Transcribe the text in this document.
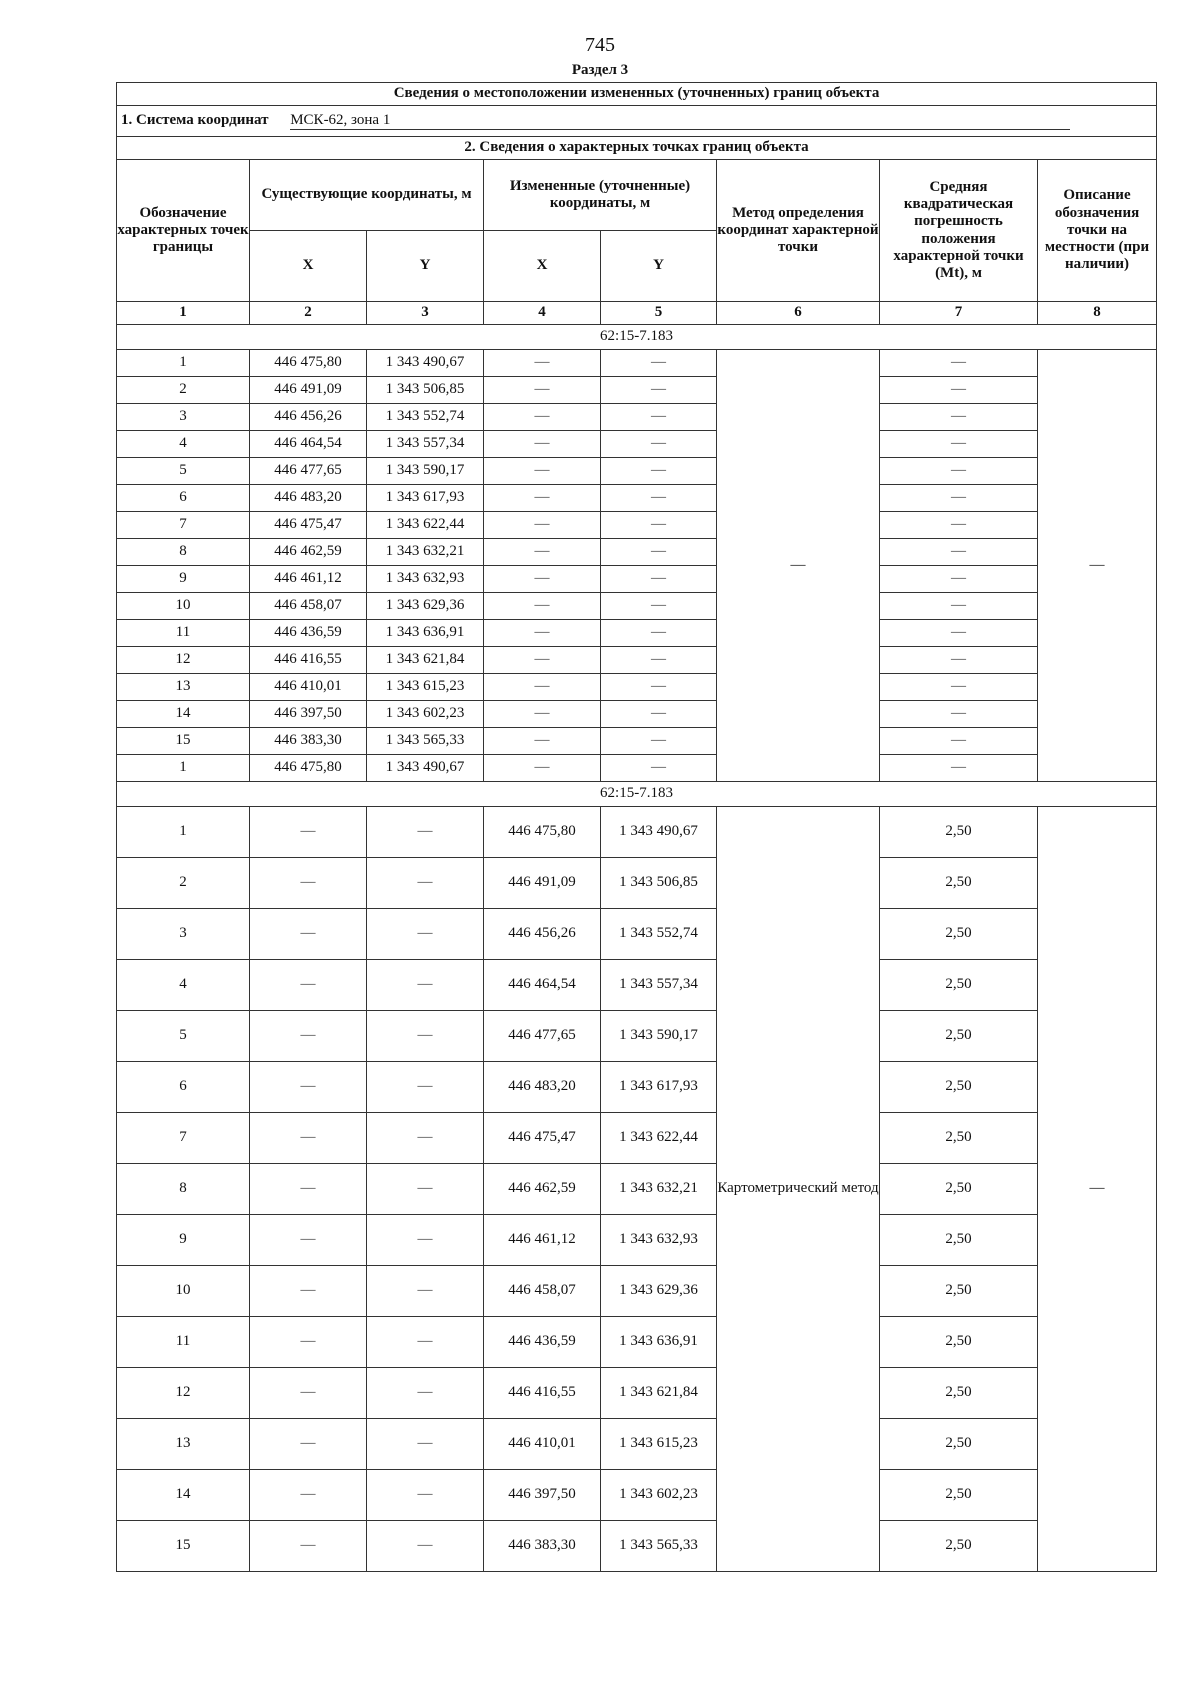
745
Раздел 3
Сведения о местоположении измененных (уточненных) границ объекта							
1. Система координат МСК-62, зона 1							
2. Сведения о характерных точках границ объекта							
Обозначение характерных точек границы	Существующие координаты, м		Измененные (уточненные) координаты, м		Метод определения координат характерной точки	Средняя квадратическая погрешность положения характерной точки (Mt), м	Описание обозначения точки на местности (при наличии)
	X	Y	X	Y			
1	2	3	4	5	6	7	8
62:15-7.183							
1	446 475,80	1 343 490,67	—	—	—	—	—
2	446 491,09	1 343 506,85	—	—		—	
3	446 456,26	1 343 552,74	—	—		—	
4	446 464,54	1 343 557,34	—	—		—	
5	446 477,65	1 343 590,17	—	—		—	
6	446 483,20	1 343 617,93	—	—		—	
7	446 475,47	1 343 622,44	—	—		—	
8	446 462,59	1 343 632,21	—	—		—	
9	446 461,12	1 343 632,93	—	—		—	
10	446 458,07	1 343 629,36	—	—		—	
11	446 436,59	1 343 636,91	—	—		—	
12	446 416,55	1 343 621,84	—	—		—	
13	446 410,01	1 343 615,23	—	—		—	
14	446 397,50	1 343 602,23	—	—		—	
15	446 383,30	1 343 565,33	—	—		—	
1	446 475,80	1 343 490,67	—	—		—	
62:15-7.183							
1	—	—	446 475,80	1 343 490,67	Картометрический метод	2,50	—
2	—	—	446 491,09	1 343 506,85		2,50	
3	—	—	446 456,26	1 343 552,74		2,50	
4	—	—	446 464,54	1 343 557,34		2,50	
5	—	—	446 477,65	1 343 590,17		2,50	
6	—	—	446 483,20	1 343 617,93		2,50	
7	—	—	446 475,47	1 343 622,44		2,50	
8	—	—	446 462,59	1 343 632,21		2,50	
9	—	—	446 461,12	1 343 632,93		2,50	
10	—	—	446 458,07	1 343 629,36		2,50	
11	—	—	446 436,59	1 343 636,91		2,50	
12	—	—	446 416,55	1 343 621,84		2,50	
13	—	—	446 410,01	1 343 615,23		2,50	
14	—	—	446 397,50	1 343 602,23		2,50	
15	—	—	446 383,30	1 343 565,33		2,50	
